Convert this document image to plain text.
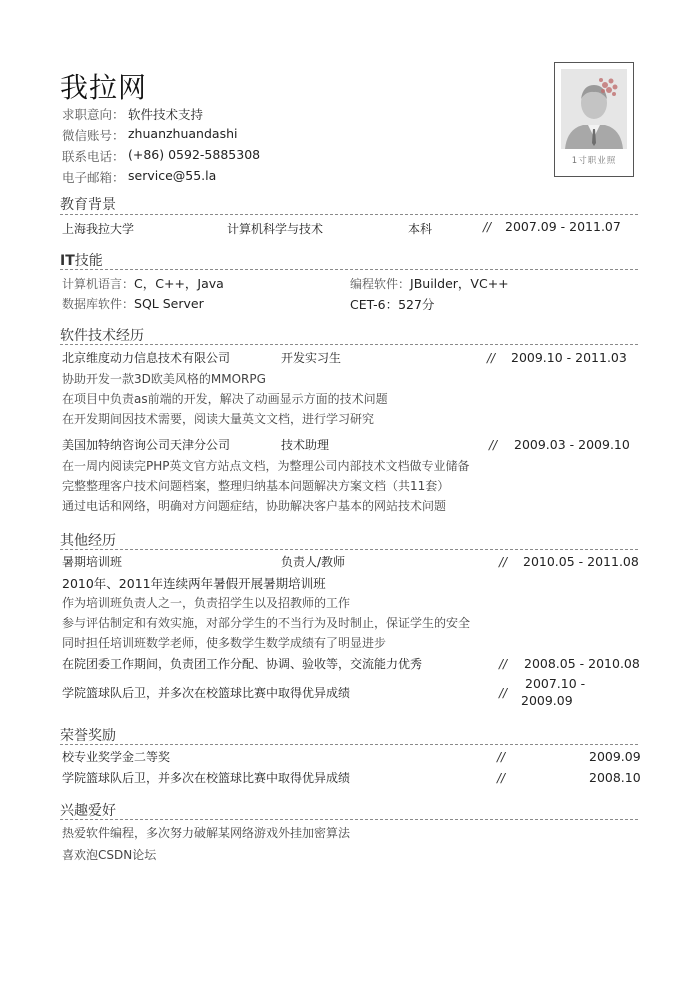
我拉网
求职意向： 软件技术支持
微信账号： zhuanzhuandashi
联系电话： (+86) 0592-5885308
电子邮箱： service@55.la
1寸职业照
教育背景
上海我拉大学	计算机科学与技术	本科	// 2007.09 - 2011.07
IT技能
计算机语言：C，C++，Java	编程软件：JBuilder，VC++
数据库软件：SQL Server	CET-6：527分
软件技术经历
北京维度动力信息技术有限公司	开发实习生	// 2009.10 - 2011.03
协助开发一款3D欧美风格的MMORPG
在项目中负责as前端的开发，解决了动画显示方面的技术问题
在开发期间因技术需要，阅读大量英文文档，进行学习研究
美国加特纳咨询公司天津分公司	技术助理	// 2009.03 - 2009.10
在一周内阅读完PHP英文官方站点文档，为整理公司内部技术文档做专业储备
完整整理客户技术问题档案，整理归纳基本问题解决方案文档（共11套）
通过电话和网络，明确对方问题症结，协助解决客户基本的网站技术问题
其他经历
暑期培训班	负责人/教师	// 2010.05 - 2011.08
2010年、2011年连续两年暑假开展暑期培训班
作为培训班负责人之一，负责招学生以及招教师的工作
参与评估制定和有效实施，对部分学生的不当行为及时制止，保证学生的安全
同时担任培训班数学老师，使多数学生数学成绩有了明显进步
在院团委工作期间，负责团工作分配、协调、验收等，交流能力优秀	// 2008.05 - 2010.08
学院篮球队后卫，并多次在校篮球比赛中取得优异成绩	//
2007.10 -
2009.09
荣誉奖励
校专业奖学金二等奖	//	2009.09
学院篮球队后卫，并多次在校篮球比赛中取得优异成绩	//	2008.10
兴趣爱好
热爱软件编程，多次努力破解某网络游戏外挂加密算法
喜欢泡CSDN论坛
